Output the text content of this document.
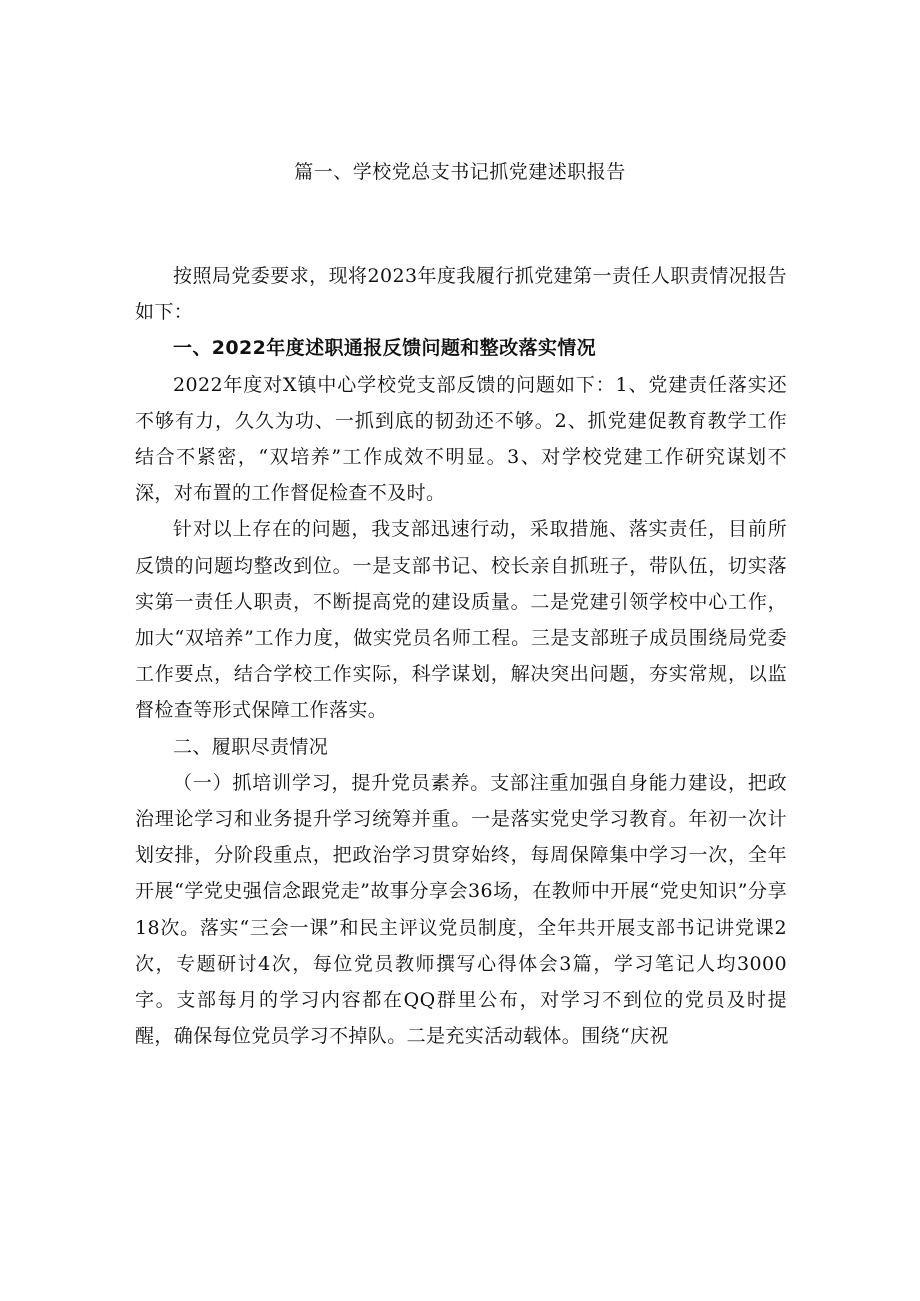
篇一、学校党总支书记抓党建述职报告

按照局党委要求，现将2023年度我履行抓党建第一责任人职责情况报告如下：

一、2022年度述职通报反馈问题和整改落实情况

2022年度对X镇中心学校党支部反馈的问题如下：1、党建责任落实还不够有力，久久为功、一抓到底的韧劲还不够。2、抓党建促教育教学工作结合不紧密，“双培养”工作成效不明显。3、对学校党建工作研究谋划不深，对布置的工作督促检查不及时。

针对以上存在的问题，我支部迅速行动，采取措施、落实责任，目前所反馈的问题均整改到位。一是支部书记、校长亲自抓班子，带队伍，切实落实第一责任人职责，不断提高党的建设质量。二是党建引领学校中心工作，加大“双培养”工作力度，做实党员名师工程。三是支部班子成员围绕局党委工作要点，结合学校工作实际，科学谋划，解决突出问题，夯实常规，以监督检查等形式保障工作落实。

二、履职尽责情况

（一）抓培训学习，提升党员素养。支部注重加强自身能力建设，把政治理论学习和业务提升学习统筹并重。一是落实党史学习教育。年初一次计划安排，分阶段重点，把政治学习贯穿始终，每周保障集中学习一次，全年开展“学党史强信念跟党走”故事分享会36场，在教师中开展“党史知识”分享18次。落实“三会一课”和民主评议党员制度，全年共开展支部书记讲党课2次，专题研讨4次，每位党员教师撰写心得体会3篇，学习笔记人均3000字。支部每月的学习内容都在QQ群里公布，对学习不到位的党员及时提醒，确保每位党员学习不掉队。二是充实活动载体。围绕“庆祝
